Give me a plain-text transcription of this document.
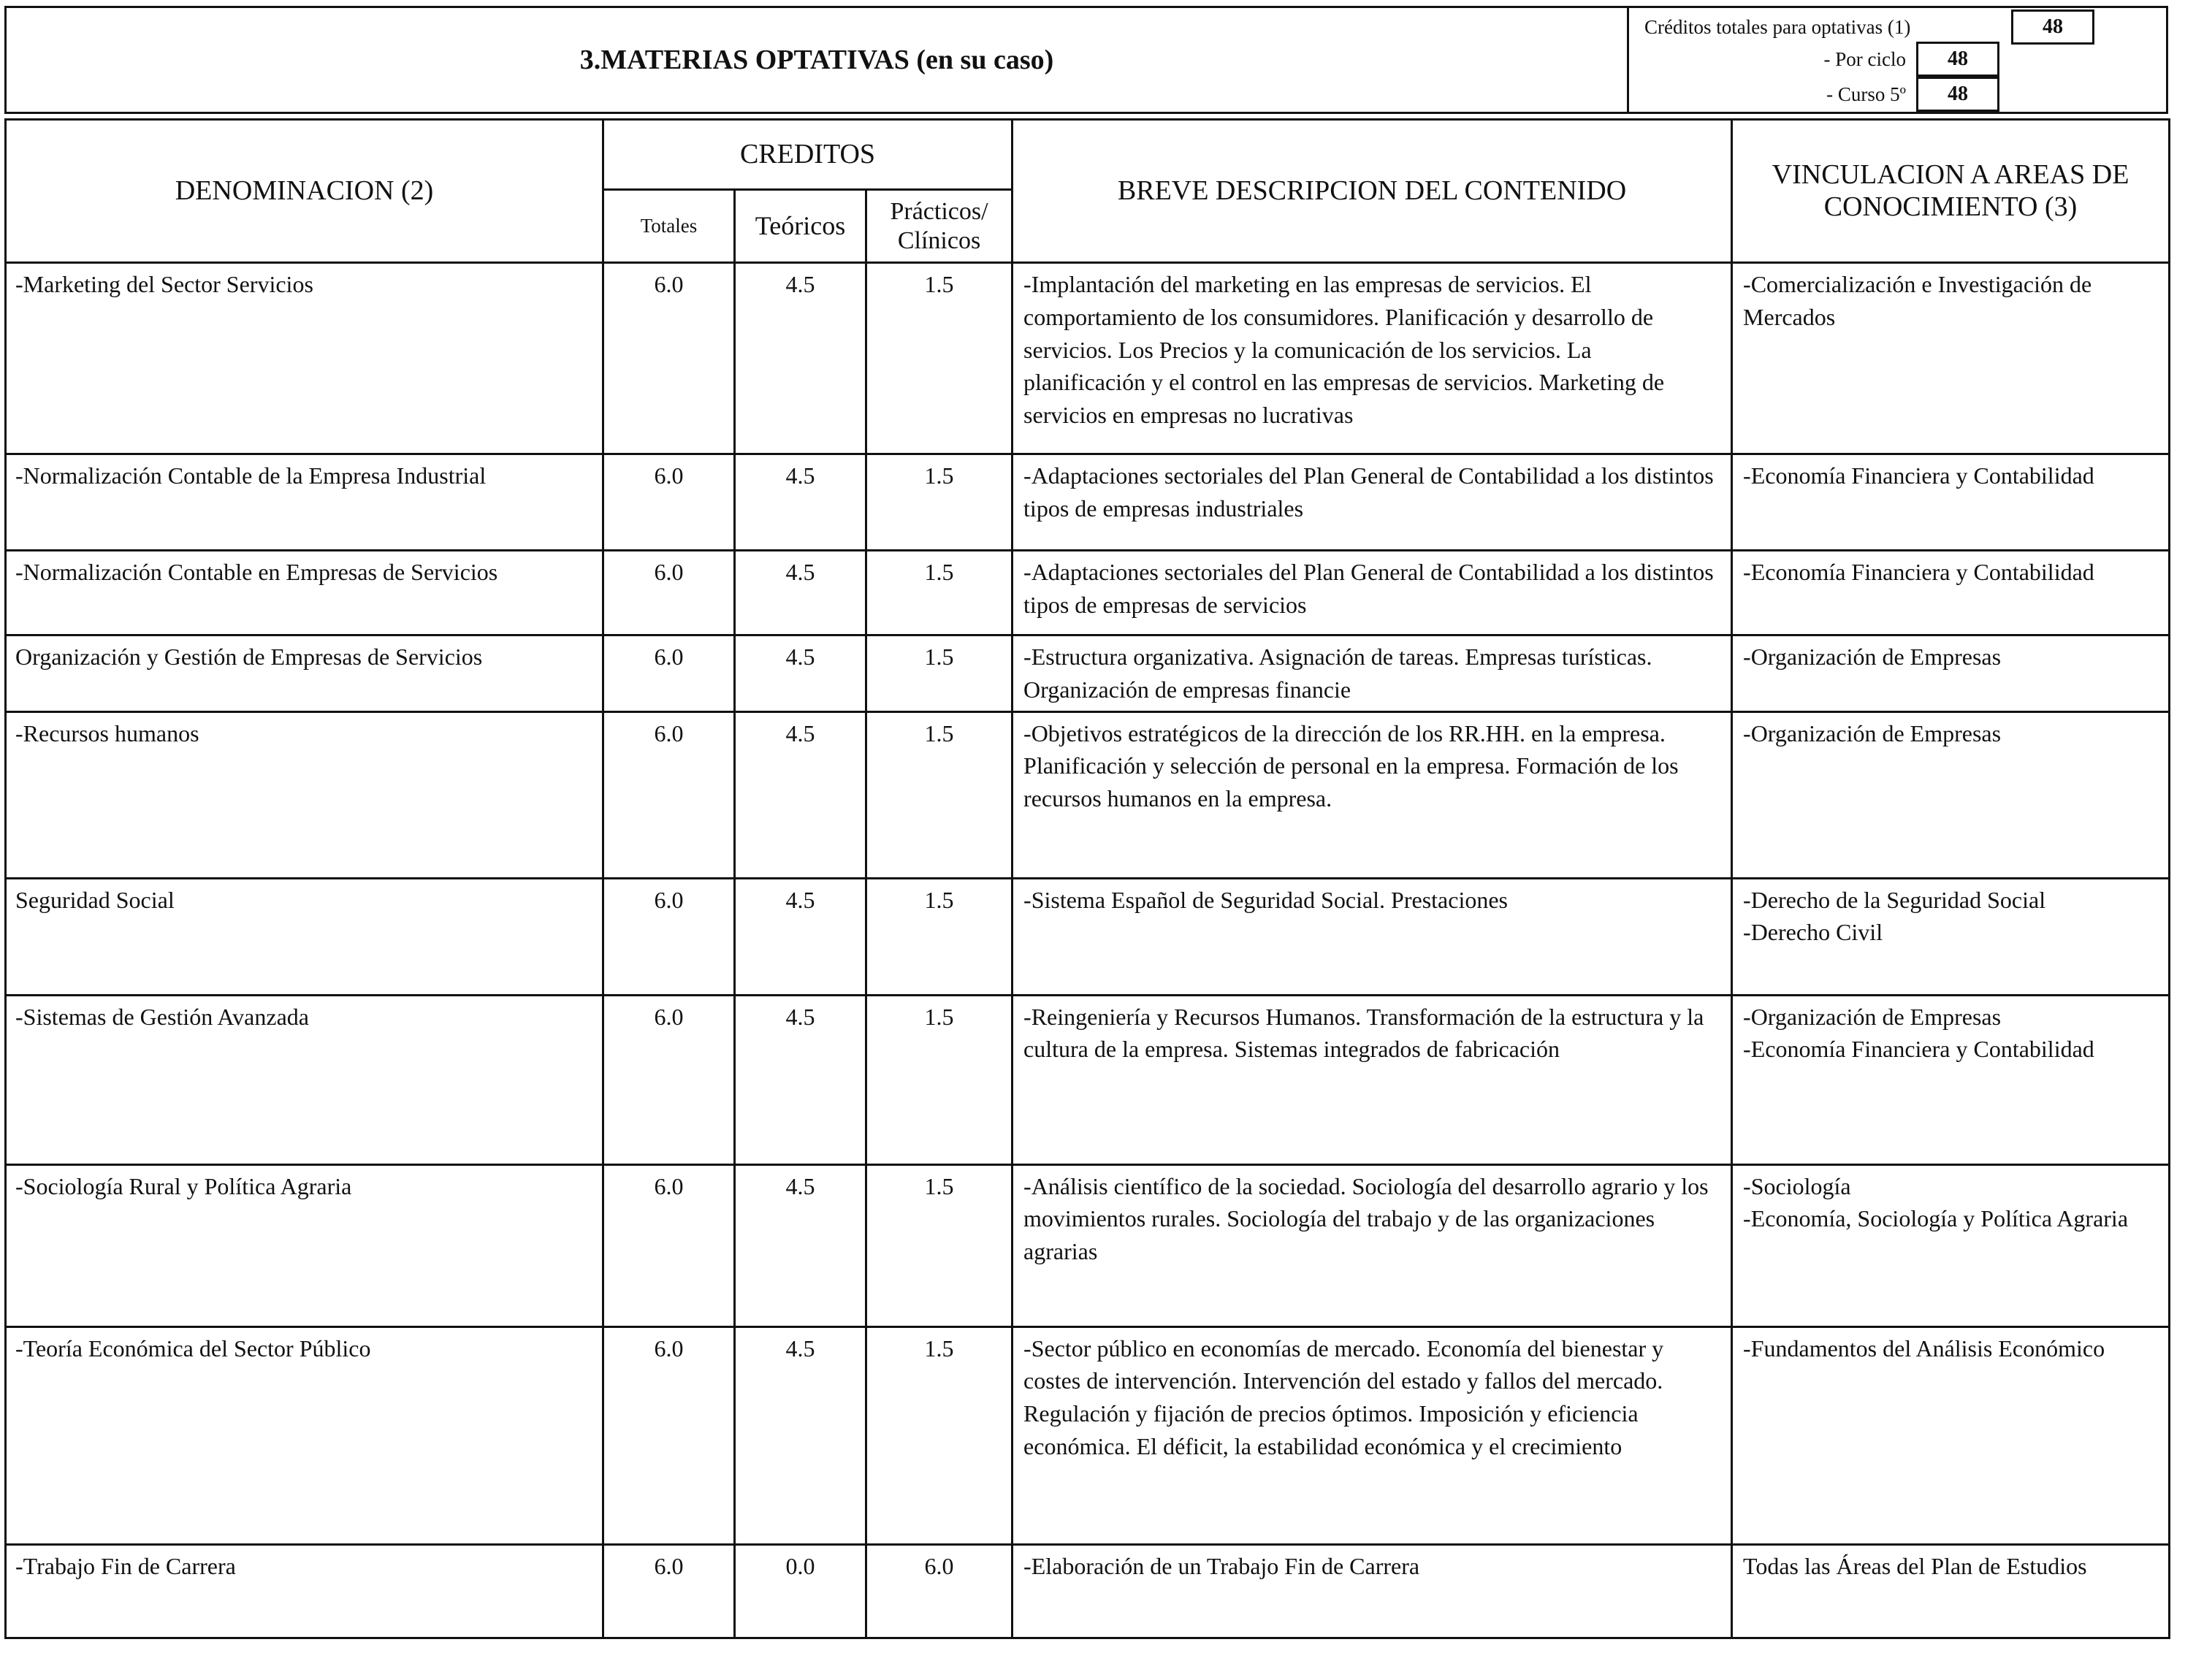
3.MATERIAS OPTATIVAS (en su caso)
Créditos totales para optativas (1)	48
- Por ciclo	48
- Curso 5º	48
DENOMINACION (2)	CREDITOS			BREVE DESCRIPCION DEL CONTENIDO	VINCULACION A AREAS DE CONOCIMIENTO (3)
	Totales	Teóricos	Prácticos/ Clínicos		
-Marketing del Sector Servicios	6.0	4.5	1.5	-Implantación del marketing en las empresas de servicios. El comportamiento de los consumidores. Planificación y desarrollo de servicios. Los Precios y la comunicación de los servicios. La planificación y el control en las empresas de servicios. Marketing de servicios en empresas no lucrativas	-Comercialización e Investigación de Mercados
-Normalización Contable de la Empresa Industrial	6.0	4.5	1.5	-Adaptaciones sectoriales del Plan General de Contabilidad a los distintos tipos de empresas industriales	-Economía Financiera y Contabilidad
-Normalización Contable en Empresas de Servicios	6.0	4.5	1.5	-Adaptaciones sectoriales del Plan General de Contabilidad a los distintos tipos de empresas de servicios	-Economía Financiera y Contabilidad
Organización y Gestión de Empresas de Servicios	6.0	4.5	1.5	-Estructura organizativa. Asignación de tareas. Empresas turísticas. Organización de empresas financie	-Organización de Empresas
-Recursos humanos	6.0	4.5	1.5	-Objetivos estratégicos de la dirección de los RR.HH. en la empresa. Planificación y selección de personal en la empresa. Formación de los recursos humanos en la empresa.	-Organización de Empresas
Seguridad Social	6.0	4.5	1.5	-Sistema Español de Seguridad Social. Prestaciones	-Derecho de la Seguridad Social
-Derecho Civil
-Sistemas de Gestión Avanzada	6.0	4.5	1.5	-Reingeniería y Recursos Humanos. Transformación de la estructura y la cultura de la empresa. Sistemas integrados de fabricación	-Organización de Empresas
-Economía Financiera y Contabilidad
-Sociología Rural y Política Agraria	6.0	4.5	1.5	-Análisis científico de la sociedad. Sociología del desarrollo agrario y los movimientos rurales. Sociología del trabajo y de las organizaciones agrarias	-Sociología
-Economía, Sociología y Política Agraria
-Teoría Económica del Sector Público	6.0	4.5	1.5	-Sector público en economías de mercado. Economía del bienestar y costes de intervención. Intervención del estado y fallos del mercado. Regulación y fijación de precios óptimos. Imposición y eficiencia económica. El déficit, la estabilidad económica y el crecimiento	-Fundamentos del Análisis Económico
-Trabajo Fin de Carrera	6.0	0.0	6.0	-Elaboración de un Trabajo Fin de Carrera	Todas las Áreas del Plan de Estudios
